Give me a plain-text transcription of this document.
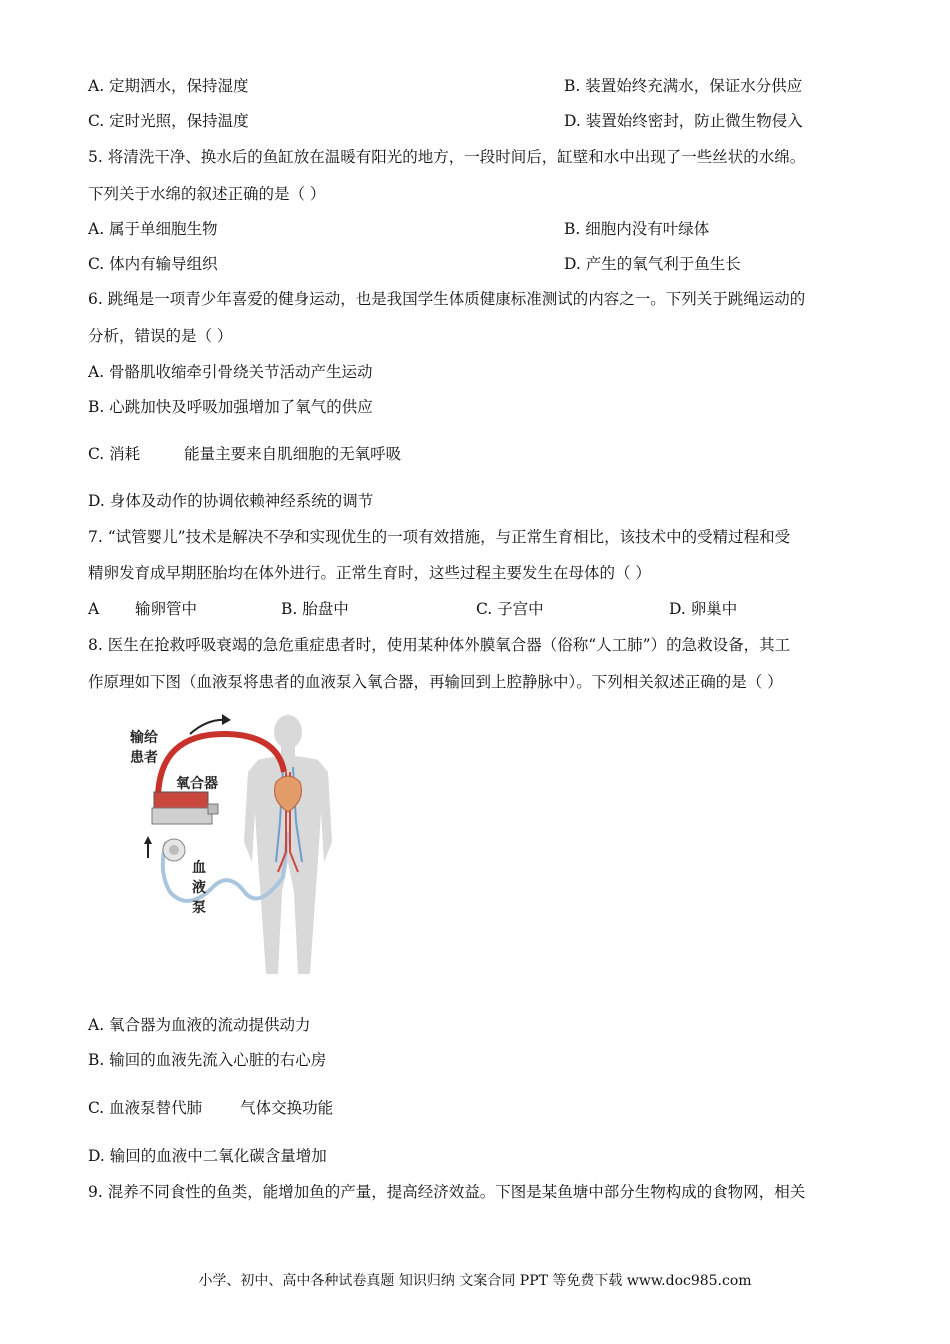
A. 定期洒水，保持湿度	B. 装置始终充满水，保证水分供应
C. 定时光照，保持温度	D. 装置始终密封，防止微生物侵入
5. 将清洗干净、换水后的鱼缸放在温暖有阳光的地方，一段时间后，缸壁和水中出现了一些丝状的水绵。
下列关于水绵的叙述正确的是（ ）
A. 属于单细胞生物	B. 细胞内没有叶绿体
C. 体内有输导组织	D. 产生的氧气利于鱼生长
6. 跳绳是一项青少年喜爱的健身运动，也是我国学生体质健康标准测试的内容之一。下列关于跳绳运动的
分析，错误的是（ ）
A. 骨骼肌收缩牵引骨绕关节活动产生运动
B. 心跳加快及呼吸加强增加了氧气的供应
C. 消耗	能量主要来自肌细胞的无氧呼吸
D. 身体及动作的协调依赖神经系统的调节
7. “试管婴儿”技术是解决不孕和实现优生的一项有效措施，与正常生育相比，该技术中的受精过程和受
精卵发育成早期胚胎均在体外进行。正常生育时，这些过程主要发生在母体的（ ）
A 输卵管中	B. 胎盘中	C. 子宫中	D. 卵巢中
8. 医生在抢救呼吸衰竭的急危重症患者时，使用某种体外膜氧合器（俗称“人工肺”）的急救设备，其工
作原理如下图（血液泵将患者的血液泵入氧合器，再输回到上腔静脉中）。下列相关叙述正确的是（ ）
输给
患者
氧合器
血
液
泵
A. 氧合器为血液的流动提供动力
B. 输回的血液先流入心脏的右心房
C. 血液泵替代肺 气体交换功能
D. 输回的血液中二氧化碳含量增加
9. 混养不同食性的鱼类，能增加鱼的产量，提高经济效益。下图是某鱼塘中部分生物构成的食物网，相关
小学、初中、高中各种试卷真题 知识归纳 文案合同 PPT 等免费下载 www.doc985.com
